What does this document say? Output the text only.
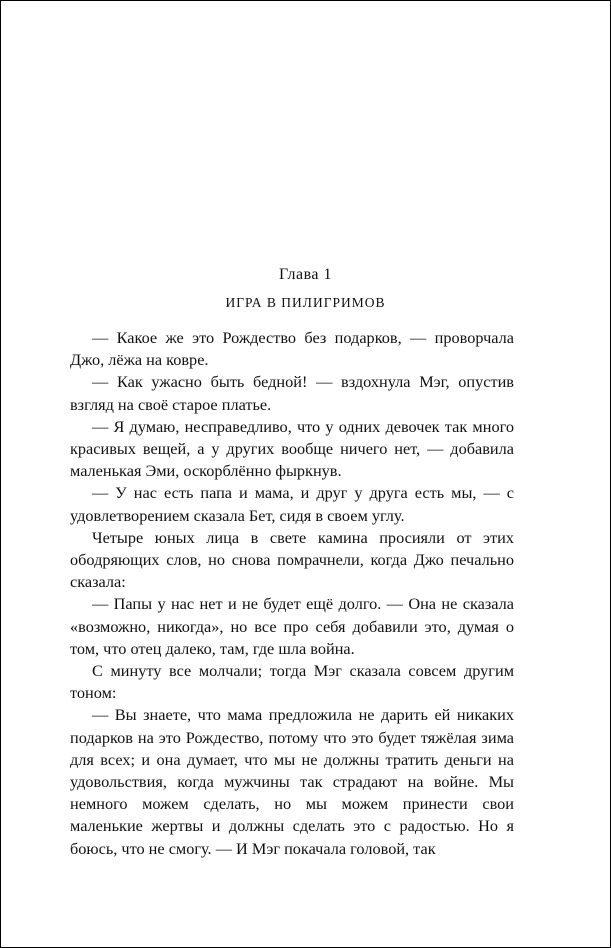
Глава 1
ИГРА В ПИЛИГРИМОВ

— Какое же это Рождество без подарков, — проворчала Джо, лёжа на ковре.

— Как ужасно быть бедной! — вздохнула Мэг, опустив взгляд на своё старое платье.

— Я думаю, несправедливо, что у одних девочек так много красивых вещей, а у других вообще ничего нет, — добавила маленькая Эми, оскорблённо фыркнув.

— У нас есть папа и мама, и друг у друга есть мы, — с удовлетворением сказала Бет, сидя в своем углу.

Четыре юных лица в свете камина просияли от этих ободряющих слов, но снова помрачнели, когда Джо печально сказала:

— Папы у нас нет и не будет ещё долго. — Она не сказала «возможно, никогда», но все про себя добавили это, думая о том, что отец далеко, там, где шла война.

С минуту все молчали; тогда Мэг сказала совсем другим тоном:

— Вы знаете, что мама предложила не дарить ей никаких подарков на это Рождество, потому что это будет тяжёлая зима для всех; и она думает, что мы не должны тратить деньги на удовольствия, когда мужчины так страдают на войне. Мы немного можем сделать, но мы можем принести свои маленькие жертвы и должны сделать это с радостью. Но я боюсь, что не смогу. — И Мэг покачала головой, так
